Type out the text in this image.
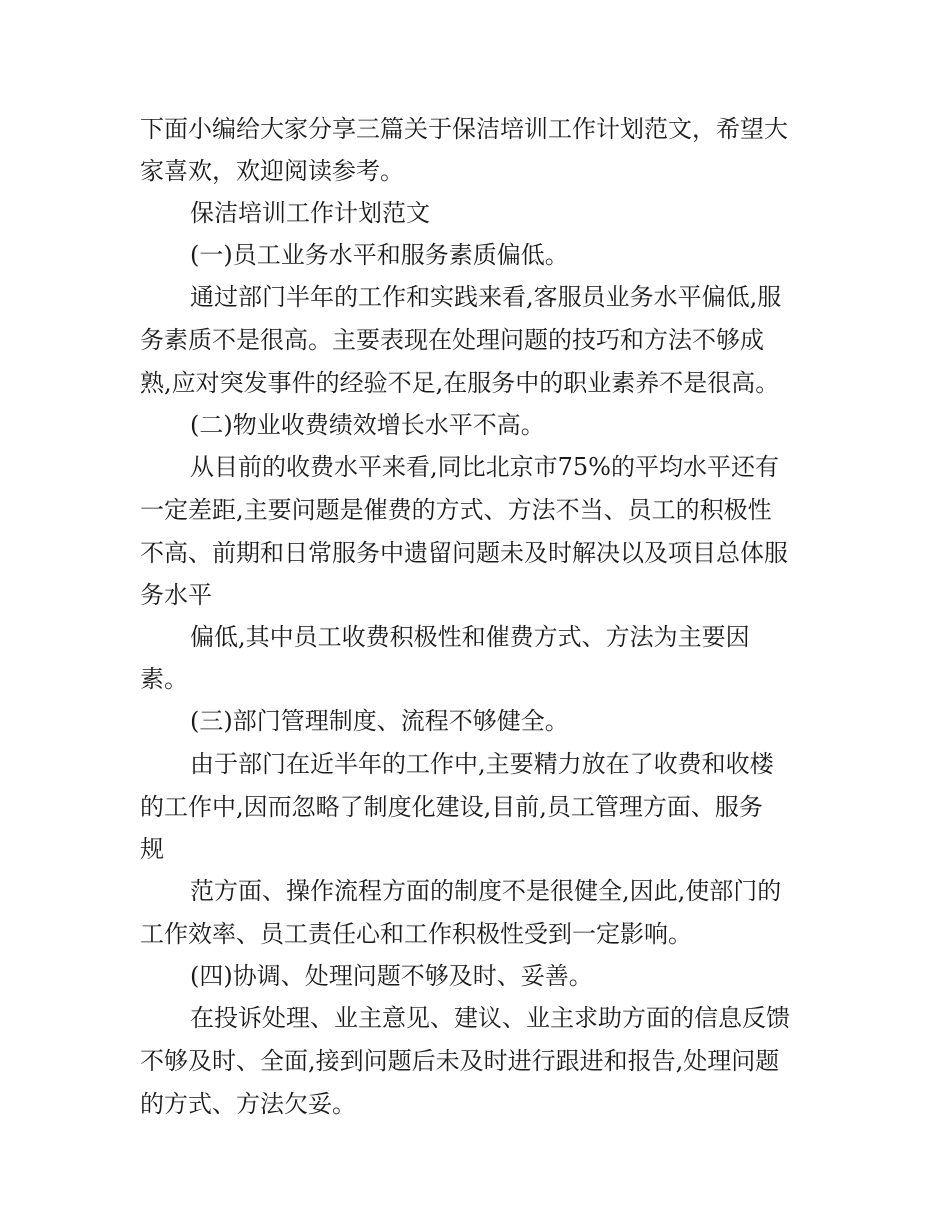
下面小编给大家分享三篇关于保洁培训工作计划范文，希望大
家喜欢，欢迎阅读参考。
保洁培训工作计划范文
(一)员工业务水平和服务素质偏低。
通过部门半年的工作和实践来看,客服员业务水平偏低,服
务素质不是很高。主要表现在处理问题的技巧和方法不够成
熟,应对突发事件的经验不足,在服务中的职业素养不是很高。
(二)物业收费绩效增长水平不高。
从目前的收费水平来看,同比北京市75%的平均水平还有
一定差距,主要问题是催费的方式、方法不当、员工的积极性
不高、前期和日常服务中遗留问题未及时解决以及项目总体服
务水平
偏低,其中员工收费积极性和催费方式、方法为主要因
素。
(三)部门管理制度、流程不够健全。
由于部门在近半年的工作中,主要精力放在了收费和收楼
的工作中,因而忽略了制度化建设,目前,员工管理方面、服务
规
范方面、操作流程方面的制度不是很健全,因此,使部门的
工作效率、员工责任心和工作积极性受到一定影响。
(四)协调、处理问题不够及时、妥善。
在投诉处理、业主意见、建议、业主求助方面的信息反馈
不够及时、全面,接到问题后未及时进行跟进和报告,处理问题
的方式、方法欠妥。
